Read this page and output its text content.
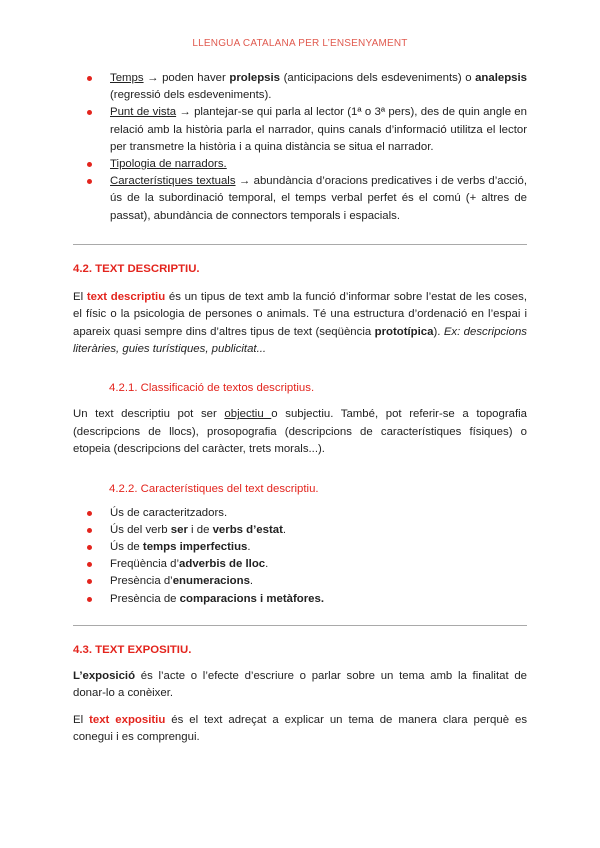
LLENGUA CATALANA PER L’ENSENYAMENT
Temps → poden haver prolepsis (anticipacions dels esdeveniments) o analepsis (regressió dels esdeveniments).
Punt de vista → plantejar-se qui parla al lector (1ª o 3ª pers), des de quin angle en relació amb la història parla el narrador, quins canals d’informació utilitza el lector per transmetre la història i a quina distància se situa el narrador.
Tipologia de narradors.
Característiques textuals → abundància d’oracions predicatives i de verbs d’acció, ús de la subordinació temporal, el temps verbal perfet és el comú (+ altres de passat), abundància de connectors temporals i espacials.

4.2. TEXT DESCRIPTIU.

El text descriptiu és un tipus de text amb la funció d’informar sobre l’estat de les coses, el físic o la psicologia de persones o animals. Té una estructura d’ordenació en l’espai i apareix quasi sempre dins d’altres tipus de text (seqüència prototípica). Ex: descripcions literàries, guies turístiques, publicitat...

4.2.1. Classificació de textos descriptius.

Un text descriptiu pot ser objectiu o subjectiu. També, pot referir-se a topografia (descripcions de llocs), prosopografia (descripcions de característiques físiques) o etopeia (descripcions del caràcter, trets morals...).

4.2.2. Característiques del text descriptiu.

Ús de caracteritzadors.
Ús del verb ser i de verbs d’estat.
Ús de temps imperfectius.
Freqüència d’adverbis de lloc.
Presència d’enumeracions.
Presència de comparacions i metàfores.

4.3. TEXT EXPOSITIU.

L’exposició és l’acte o l’efecte d’escriure o parlar sobre un tema amb la finalitat de donar-lo a conèixer.

El text expositiu és el text adreçat a explicar un tema de manera clara perquè es conegui i es comprengui.
